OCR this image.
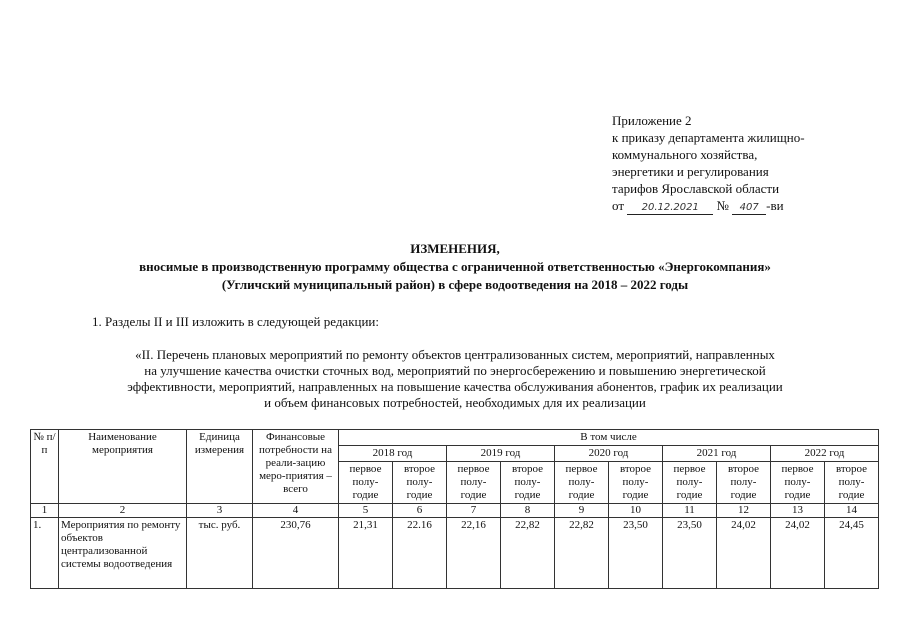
Приложение 2
к приказу департамента жилищно-
коммунального хозяйства,
энергетики и регулирования
тарифов Ярославской области
от 20.12.2021 № 407 -ви
ИЗМЕНЕНИЯ,
вносимые в производственную программу общества с ограниченной ответственностью «Энергокомпания»
(Угличский муниципальный район) в сфере водоотведения на 2018 – 2022 годы
1. Разделы II и III изложить в следующей редакции:
«II. Перечень плановых мероприятий по ремонту объектов централизованных систем, мероприятий, направленных
на улучшение качества очистки сточных вод, мероприятий по энергосбережению и повышению энергетической
эффективности, мероприятий, направленных на повышение качества обслуживания абонентов, график их реализации
и объем финансовых потребностей, необходимых для их реализации
№ п/п	Наименование мероприятия	Единица измерения	Финансовые потребности на реали-зацию меро-приятия – всего	В том числе									
				2018 год		2019 год		2020 год		2021 год		2022 год	
				первое полу-годие	второе полу-годие	первое полу-годие	второе полу-годие	первое полу-годие	второе полу-годие	первое полу-годие	второе полу-годие	первое полу-годие	второе полу-годие
1	2	3	4	5	6	7	8	9	10	11	12	13	14
1.	Мероприятия по ремонту объектов централизованной системы водоотведения	тыс. руб.	230,76	21,31	22.16	22,16	22,82	22,82	23,50	23,50	24,02	24,02	24,45
